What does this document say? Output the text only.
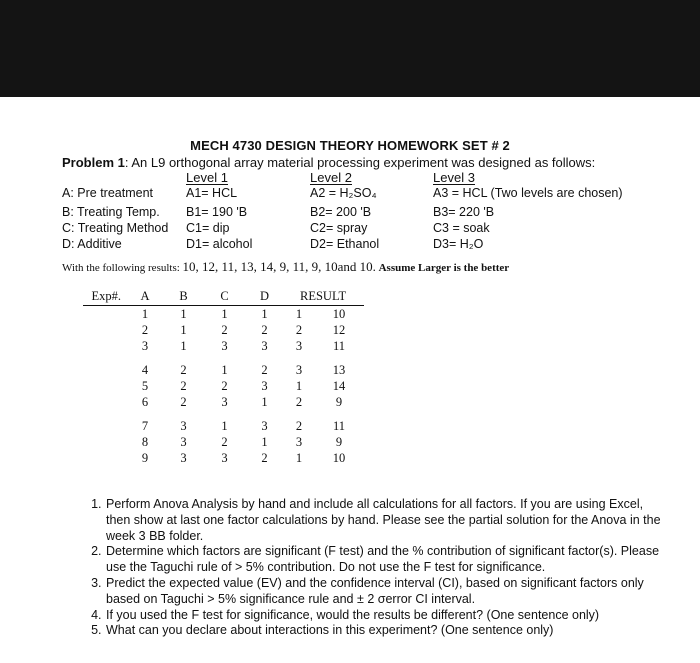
MECH 4730 DESIGN THEORY HOMEWORK SET # 2
Problem 1: An L9 orthogonal array material processing experiment was designed as follows:
Level 1	Level 2	Level 3
A: Pre treatment	A1= HCL	A2 = H₂SO₄	A3 = HCL (Two levels are chosen)
B: Treating Temp. B1= 190 'B	B2= 200 'B	B3= 220 'B
C: Treating Method C1= dip	C2= spray	C3 = soak
D: Additive	D1= alcohol	D2= Ethanol	D3= H₂O
With the following results: 10, 12, 11, 13, 14, 9, 11, 9, 10and 10. Assume Larger is the better
Exp#.	A	B	C	D	RESULT	
	1	1	1	1	1	10
	2	1	2	2	2	12
	3	1	3	3	3	11

	4	2	1	2	3	13
	5	2	2	3	1	14
	6	2	3	1	2	9

	7	3	1	3	2	11
	8	3	2	1	3	9
	9	3	3	2	1	10
1. Perform Anova Analysis by hand and include all calculations for all factors. If you are using Excel, then show at last one factor calculations by hand. Please see the partial solution for the Anova in the week 3 BB folder.
2. Determine which factors are significant (F test) and the % contribution of significant factor(s). Please use the Taguchi rule of > 5% contribution. Do not use the F test for significance.
3. Predict the expected value (EV) and the confidence interval (CI), based on significant factors only based on Taguchi > 5% significance rule and ± 2 σerror CI interval.
4. If you used the F test for significance, would the results be different? (One sentence only)
5. What can you declare about interactions in this experiment? (One sentence only)
